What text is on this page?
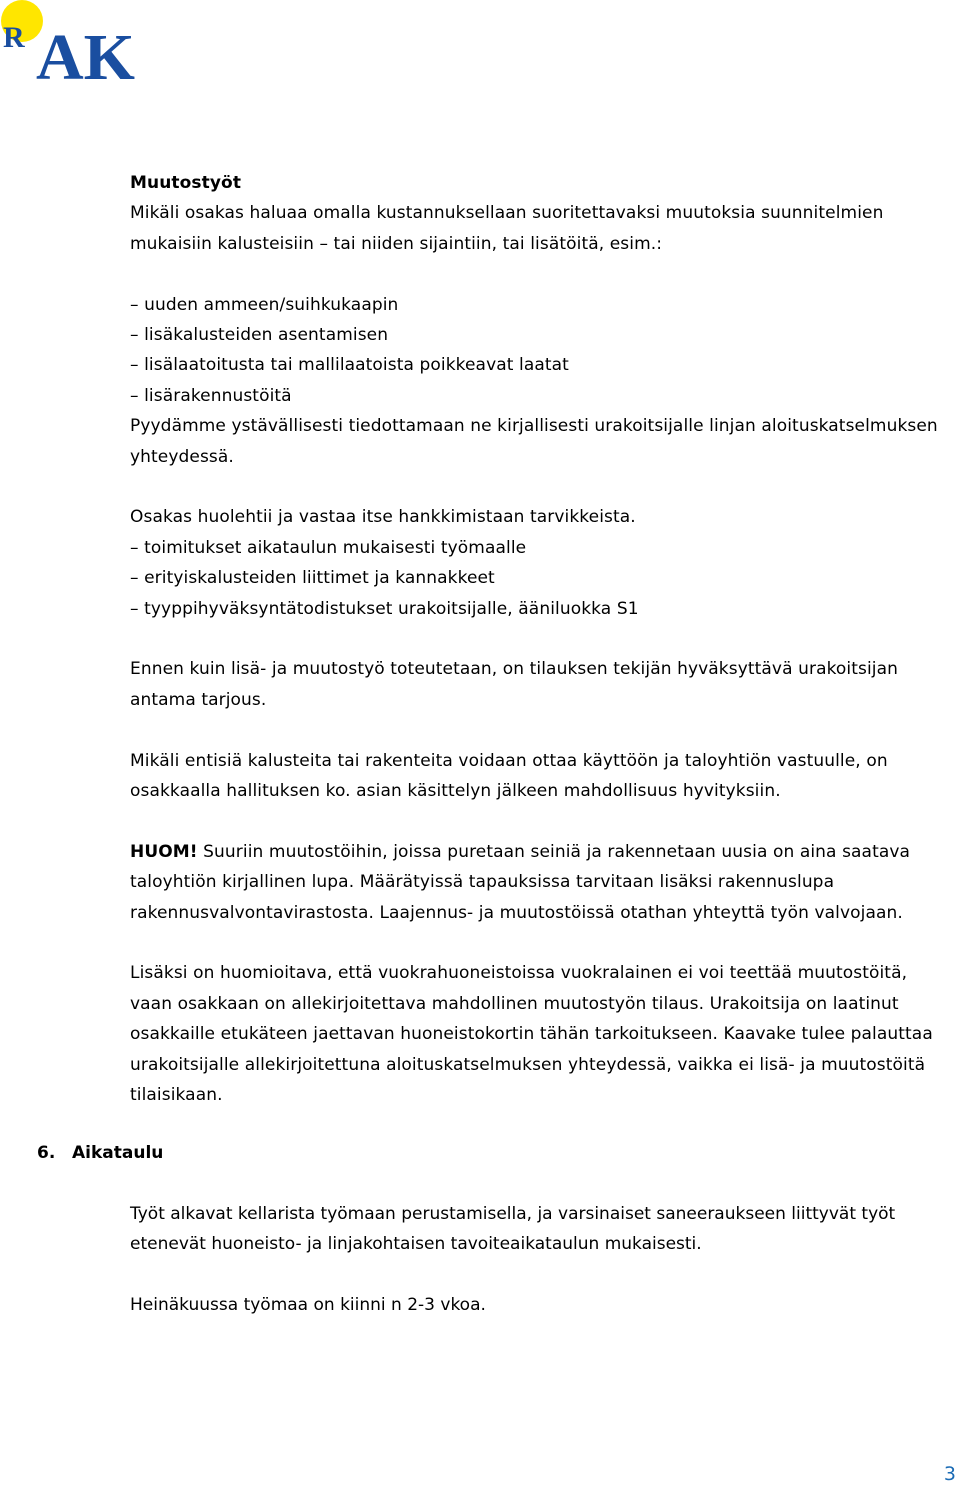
R AK

Muutostyöt

Mikäli osakas haluaa omalla kustannuksellaan suoritettavaksi muutoksia suunnitelmien mukaisiin kalusteisiin – tai niiden sijaintiin, tai lisätöitä, esim.:

– uuden ammeen/suihkukaapin

– lisäkalusteiden asentamisen

– lisälaatoitusta tai mallilaatoista poikkeavat laatat

– lisärakennustöitä

Pyydämme ystävällisesti tiedottamaan ne kirjallisesti urakoitsijalle linjan aloituskatselmuksen yhteydessä.

Osakas huolehtii ja vastaa itse hankkimistaan tarvikkeista.

– toimitukset aikataulun mukaisesti työmaalle

– erityiskalusteiden liittimet ja kannakkeet

– tyyppihyväksyntätodistukset urakoitsijalle, ääniluokka S1

Ennen kuin lisä- ja muutostyö toteutetaan, on tilauksen tekijän hyväksyttävä urakoitsijan antama tarjous.

Mikäli entisiä kalusteita tai rakenteita voidaan ottaa käyttöön ja taloyhtiön vastuulle, on osakkaalla hallituksen ko. asian käsittelyn jälkeen mahdollisuus hyvityksiin.

HUOM! Suuriin muutostöihin, joissa puretaan seiniä ja rakennetaan uusia on aina saatava taloyhtiön kirjallinen lupa. Määrätyissä tapauksissa tarvitaan lisäksi rakennuslupa rakennusvalvontavirastosta. Laajennus- ja muutostöissä otathan yhteyttä työn valvojaan.

Lisäksi on huomioitava, että vuokrahuoneistoissa vuokralainen ei voi teettää muutostöitä, vaan osakkaan on allekirjoitettava mahdollinen muutostyön tilaus. Urakoitsija on laatinut osakkaille etukäteen jaettavan huoneistokortin tähän tarkoitukseen. Kaavake tulee palauttaa urakoitsijalle allekirjoitettuna aloituskatselmuksen yhteydessä, vaikka ei lisä- ja muutostöitä tilaisikaan.

6. Aikataulu

Työt alkavat kellarista työmaan perustamisella, ja varsinaiset saneeraukseen liittyvät työt etenevät huoneisto- ja linjakohtaisen tavoiteaikataulun mukaisesti.

Heinäkuussa työmaa on kiinni n 2-3 vkoa.

3
